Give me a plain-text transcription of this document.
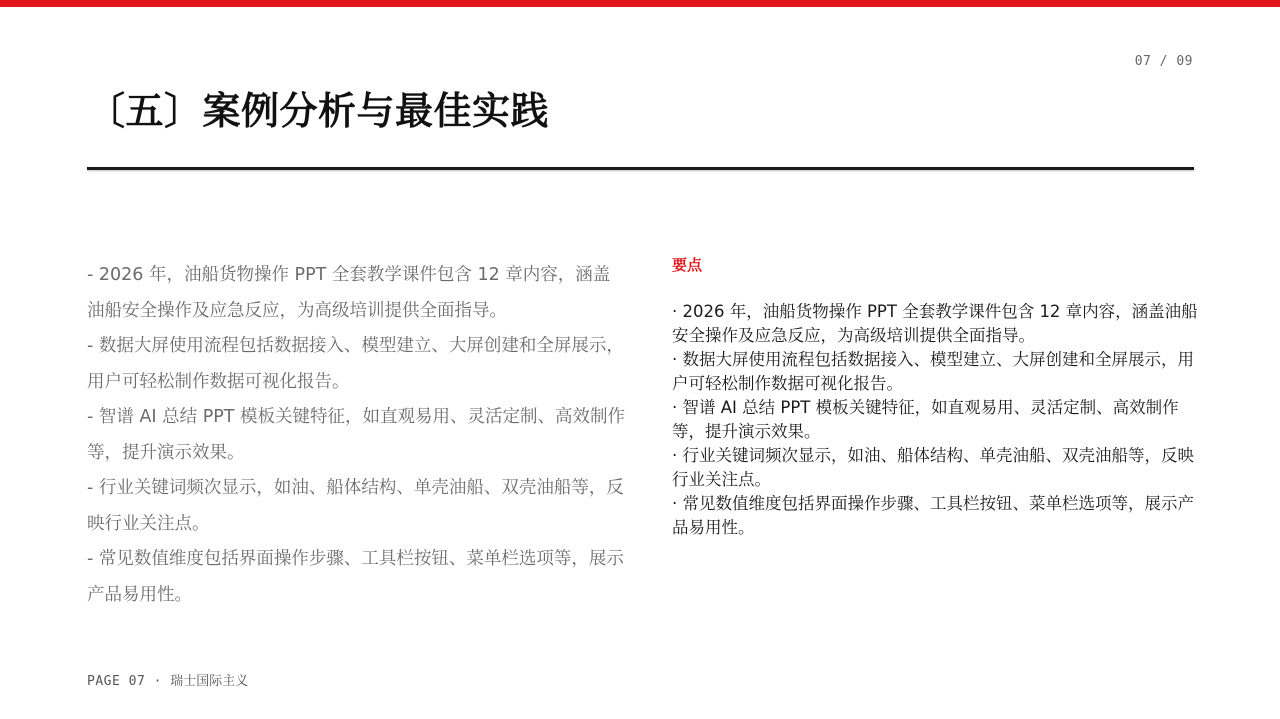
07 / 09
〔五〕案例分析与最佳实践

- 2026 年，油船货物操作 PPT 全套教学课件包含 12 章内容，涵盖油船安全操作及应急反应，为高级培训提供全面指导。

- 数据大屏使用流程包括数据接入、模型建立、大屏创建和全屏展示，用户可轻松制作数据可视化报告。

- 智谱 AI 总结 PPT 模板关键特征，如直观易用、灵活定制、高效制作等，提升演示效果。

- 行业关键词频次显示，如油、船体结构、单壳油船、双壳油船等，反映行业关注点。

- 常见数值维度包括界面操作步骤、工具栏按钮、菜单栏选项等，展示产品易用性。

要点
· 2026 年，油船货物操作 PPT 全套教学课件包含 12 章内容，涵盖油船安全操作及应急反应，为高级培训提供全面指导。
· 数据大屏使用流程包括数据接入、模型建立、大屏创建和全屏展示，用户可轻松制作数据可视化报告。
· 智谱 AI 总结 PPT 模板关键特征，如直观易用、灵活定制、高效制作等，提升演示效果。
· 行业关键词频次显示，如油、船体结构、单壳油船、双壳油船等，反映行业关注点。
· 常见数值维度包括界面操作步骤、工具栏按钮、菜单栏选项等，展示产品易用性。
PAGE 07 · 瑞士国际主义
